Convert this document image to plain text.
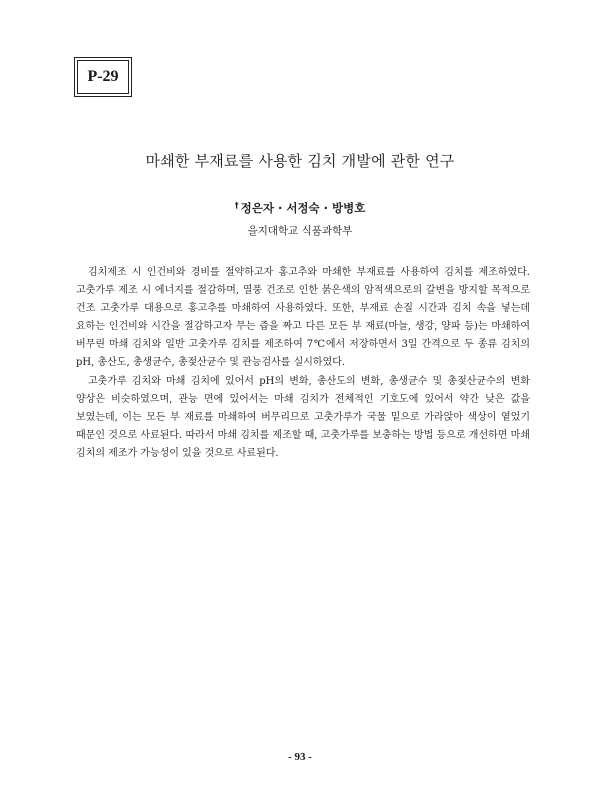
P-29
마쇄한 부재료를 사용한 김치 개발에 관한 연구
† 정은자 · 서정숙 · 방병호
을지대학교 식품과학부

김치제조 시 인건비와 경비를 절약하고자 홍고추와 마쇄한 부재료를 사용하여 김치를 제조하였다. 고춧가루 제조 시 에너지를 절감하며, 열풍 건조로 인한 붉은색의 암적색으로의 갈변을 방지할 목적으로 건조 고춧가루 대용으로 홍고추를 마쇄하여 사용하였다. 또한, 부재료 손질 시간과 김치 속을 넣는데 요하는 인건비와 시간을 절감하고자 무는 즙을 짜고 다른 모든 부 재료(마늘, 생강, 양파 등)는 마쇄하여 버무린 마쇄 김치와 일반 고춧가루 김치를 제조하여 7℃에서 저장하면서 3일 간격으로 두 종류 김치의 pH, 총산도, 총생균수, 총젖산균수 및 관능검사를 실시하였다.

고춧가루 김치와 마쇄 김치에 있어서 pH의 변화, 총산도의 변화, 총생균수 및 총젖산균수의 변화 양상은 비슷하였으며, 관능 면에 있어서는 마쇄 김치가 전체적인 기호도에 있어서 약간 낮은 값을 보였는데, 이는 모든 부 재료를 마쇄하여 버무리므로 고춧가루가 국물 밑으로 가라앉아 색상이 옅었기 때문인 것으로 사료된다. 따라서 마쇄 김치를 제조할 때, 고춧가루를 보충하는 방법 등으로 개선하면 마쇄 김치의 제조가 가능성이 있을 것으로 사료된다.

- 93 -
